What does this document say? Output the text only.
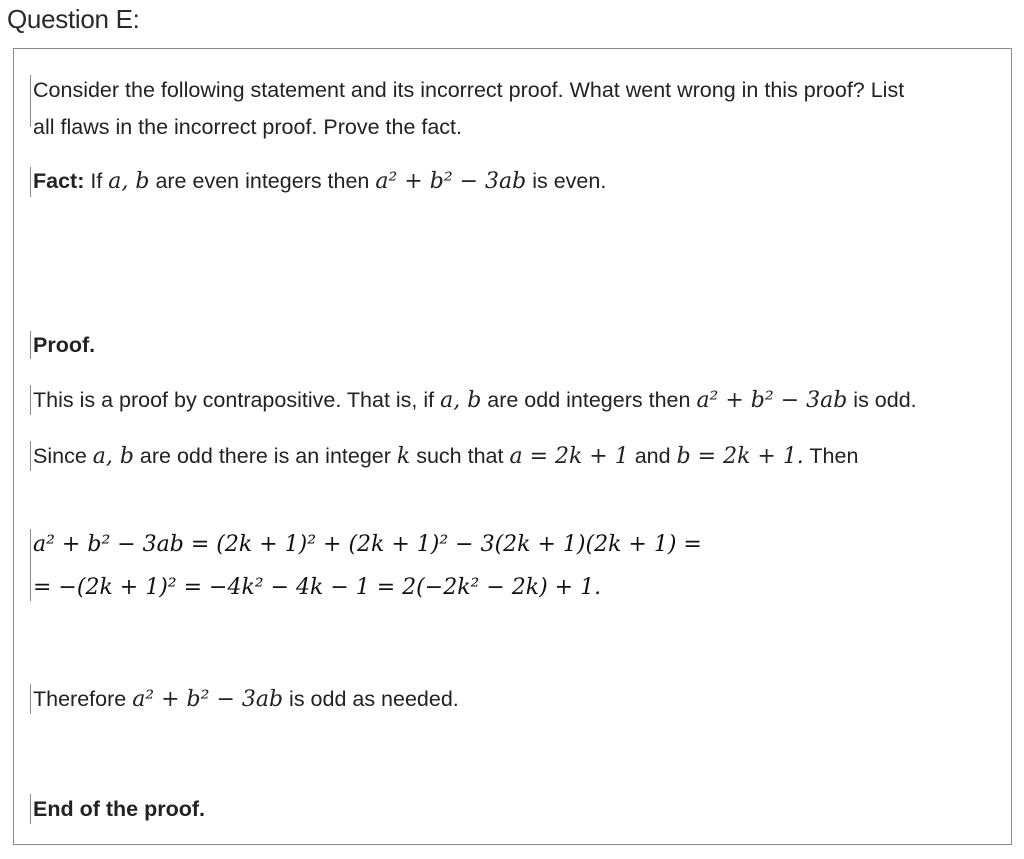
Question E:
Consider the following statement and its incorrect proof. What went wrong in this proof? List
all flaws in the incorrect proof. Prove the fact.
Fact: If a, b are even integers then a² + b² − 3ab is even.
Proof.
This is a proof by contrapositive. That is, if a, b are odd integers then a² + b² − 3ab is odd.
Since a, b are odd there is an integer k such that a = 2k + 1 and b = 2k + 1. Then
a² + b² − 3ab = (2k + 1)² + (2k + 1)² − 3(2k + 1)(2k + 1) =
= −(2k + 1)² = −4k² − 4k − 1 = 2(−2k² − 2k) + 1.
Therefore a² + b² − 3ab is odd as needed.
End of the proof.
